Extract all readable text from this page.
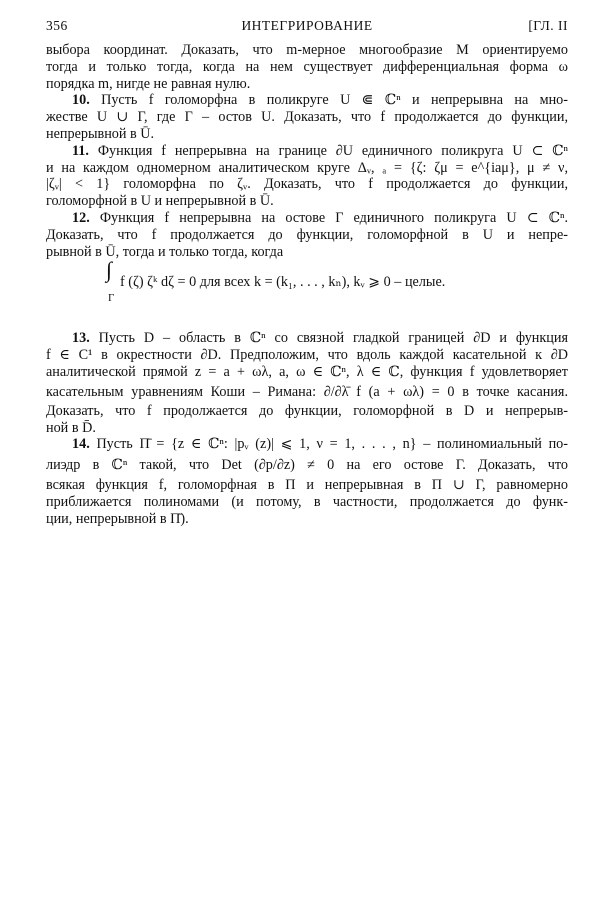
356	ИНТЕГРИРОВАНИЕ	[ГЛ. II
выбора координат. Доказать, что m-мерное многообразие M ориентируемо
тогда и только тогда, когда на нем существует дифференциальная форма ω
порядка m, нигде не равная нулю.
10. Пусть f голоморфна в поликруге U ⋐ ℂⁿ и непрерывна на мно-
жестве U ∪ Γ, где Γ – остов U. Доказать, что f продолжается до функции,
непрерывной в Ū.
11. Функция f непрерывна на границе ∂U единичного поликруга U ⊂ ℂⁿ
и на каждом одномерном аналитическом круге Δᵥ, ₐ = {ζ: ζμ = e^{iaμ}, μ ≠ ν,
|ζᵥ| < 1} голоморфна по ζᵥ. Доказать, что f продолжается до функции,
голоморфной в U и непрерывной в Ū.
12. Функция f непрерывна на остове Γ единичного поликруга U ⊂ ℂⁿ.
Доказать, что f продолжается до функции, голоморфной в U и непре-
рывной в Ū, тогда и только тогда, когда
∫
Γ
f (ζ) ζᵏ dζ = 0 для всех k = (k₁, . . . , kₙ), kᵥ ⩾ 0 – целые.
13. Пусть D – область в ℂⁿ со связной гладкой границей ∂D и функция
f ∈ C¹ в окрестности ∂D. Предположим, что вдоль каждой касательной к ∂D
аналитической прямой z = a + ωλ, a, ω ∈ ℂⁿ, λ ∈ ℂ, функция f удовлетворяет
касательным уравнениям Коши – Римана: ∂/∂λ̄ f (a + ωλ) = 0 в точке касания.
Доказать, что f продолжается до функции, голоморфной в D и непрерыв-
ной в D̄.
14. Пусть Π̄ = {z ∈ ℂⁿ: |pᵥ (z)| ⩽ 1, ν = 1, . . . , n} – полиномиальный по-
лиэдр в ℂⁿ такой, что Det (∂p/∂z) ≠ 0 на его остове Γ. Доказать, что
всякая функция f, голоморфная в Π и непрерывная в Π ∪ Γ, равномерно
приближается полиномами (и потому, в частности, продолжается до функ-
ции, непрерывной в Π̄).
